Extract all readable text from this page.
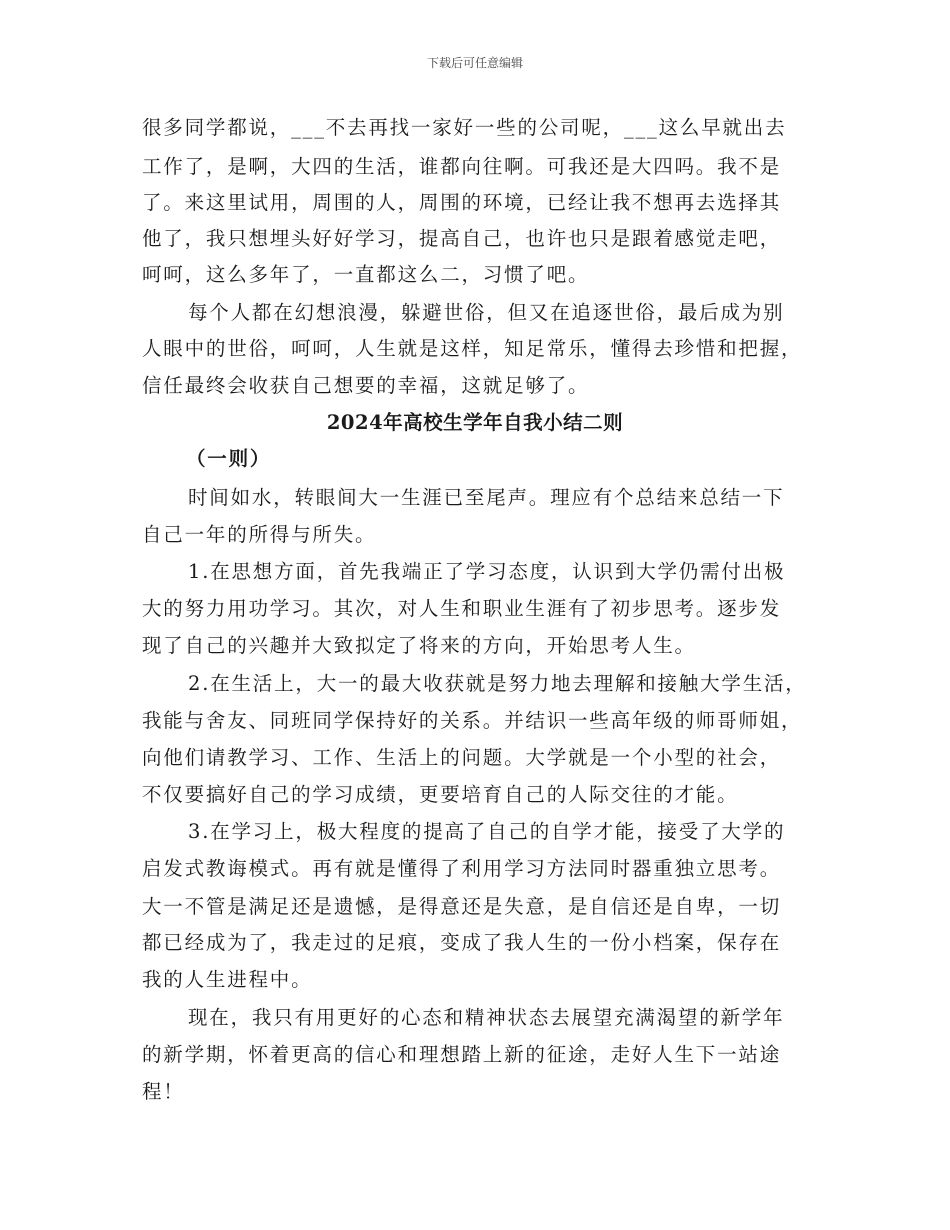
下载后可任意编辑
很多同学都说，___不去再找一家好一些的公司呢，___这么早就出去
工作了，是啊，大四的生活，谁都向往啊。可我还是大四吗。我不是
了。来这里试用，周围的人，周围的环境，已经让我不想再去选择其
他了，我只想埋头好好学习，提高自己，也许也只是跟着感觉走吧，
呵呵，这么多年了，一直都这么二，习惯了吧。
每个人都在幻想浪漫，躲避世俗，但又在追逐世俗，最后成为别
人眼中的世俗，呵呵，人生就是这样，知足常乐，懂得去珍惜和把握，
信任最终会收获自己想要的幸福，这就足够了。
2024年高校生学年自我小结二则
（一则）
时间如水，转眼间大一生涯已至尾声。理应有个总结来总结一下
自己一年的所得与所失。
1.在思想方面，首先我端正了学习态度，认识到大学仍需付出极
大的努力用功学习。其次，对人生和职业生涯有了初步思考。逐步发
现了自己的兴趣并大致拟定了将来的方向，开始思考人生。
2.在生活上，大一的最大收获就是努力地去理解和接触大学生活，
我能与舍友、同班同学保持好的关系。并结识一些高年级的师哥师姐，
向他们请教学习、工作、生活上的问题。大学就是一个小型的社会，
不仅要搞好自己的学习成绩，更要培育自己的人际交往的才能。
3.在学习上，极大程度的提高了自己的自学才能，接受了大学的
启发式教诲模式。再有就是懂得了利用学习方法同时器重独立思考。
大一不管是满足还是遗憾，是得意还是失意，是自信还是自卑，一切
都已经成为了，我走过的足痕，变成了我人生的一份小档案，保存在
我的人生进程中。
现在，我只有用更好的心态和精神状态去展望充满渴望的新学年
的新学期，怀着更高的信心和理想踏上新的征途，走好人生下一站途
程！
